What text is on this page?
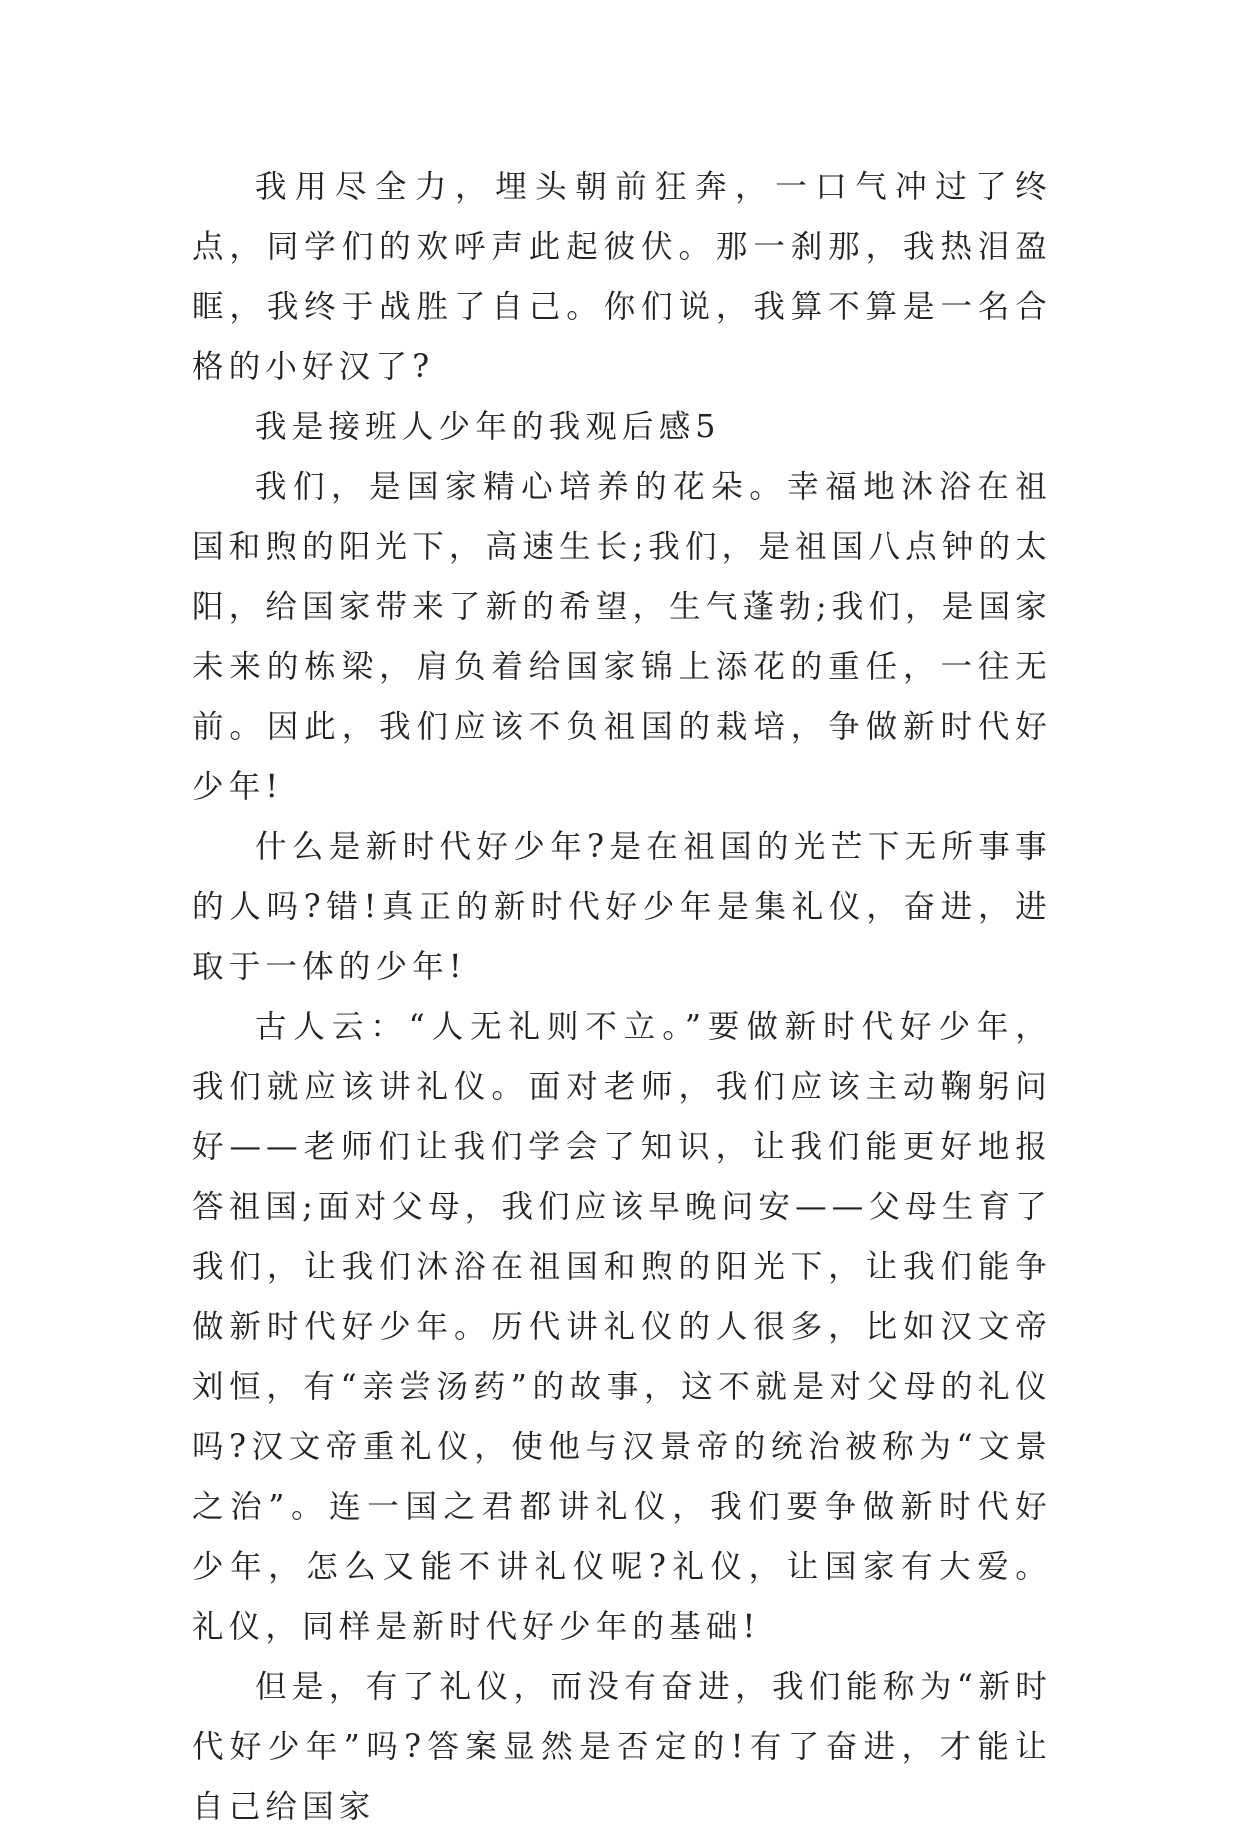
我用尽全力，埋头朝前狂奔，一口气冲过了终点，同学们的欢呼声此起彼伏。那一刹那，我热泪盈眶，我终于战胜了自己。你们说，我算不算是一名合格的小好汉了?

我是接班人少年的我观后感5

我们，是国家精心培养的花朵。幸福地沐浴在祖国和煦的阳光下，高速生长;我们，是祖国八点钟的太阳，给国家带来了新的希望，生气蓬勃;我们，是国家未来的栋梁，肩负着给国家锦上添花的重任，一往无前。因此，我们应该不负祖国的栽培，争做新时代好少年!

什么是新时代好少年?是在祖国的光芒下无所事事的人吗?错!真正的新时代好少年是集礼仪，奋进，进取于一体的少年!

古人云：“人无礼则不立。”要做新时代好少年，我们就应该讲礼仪。面对老师，我们应该主动鞠躬问好——老师们让我们学会了知识，让我们能更好地报答祖国;面对父母，我们应该早晚问安——父母生育了我们，让我们沐浴在祖国和煦的阳光下，让我们能争做新时代好少年。历代讲礼仪的人很多，比如汉文帝刘恒，有“亲尝汤药”的故事，这不就是对父母的礼仪吗?汉文帝重礼仪，使他与汉景帝的统治被称为“文景之治”。连一国之君都讲礼仪，我们要争做新时代好少年，怎么又能不讲礼仪呢?礼仪，让国家有大爱。礼仪，同样是新时代好少年的基础!

但是，有了礼仪，而没有奋进，我们能称为“新时代好少年”吗?答案显然是否定的!有了奋进，才能让自己给国家
